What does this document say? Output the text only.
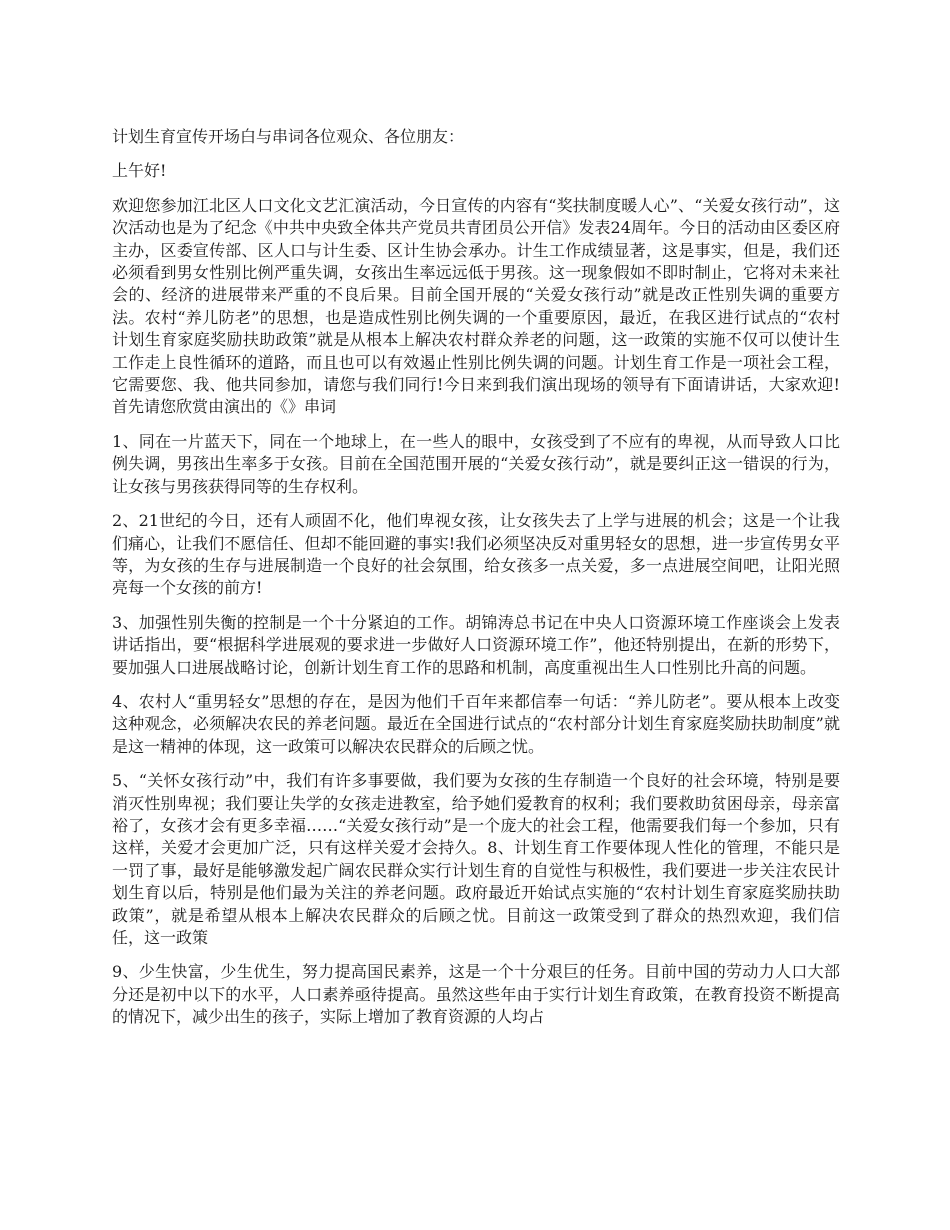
计划生育宣传开场白与串词各位观众、各位朋友：

上午好!

欢迎您参加江北区人口文化文艺汇演活动，今日宣传的内容有“奖扶制度暖人心”、“关爱女孩行动”，这次活动也是为了纪念《中共中央致全体共产党员共青团员公开信》发表24周年。今日的活动由区委区府主办，区委宣传部、区人口与计生委、区计生协会承办。计生工作成绩显著，这是事实，但是，我们还必须看到男女性别比例严重失调，女孩出生率远远低于男孩。这一现象假如不即时制止，它将对未来社会的、经济的进展带来严重的不良后果。目前全国开展的“关爱女孩行动”就是改正性别失调的重要方法。农村“养儿防老”的思想，也是造成性别比例失调的一个重要原因，最近，在我区进行试点的“农村计划生育家庭奖励扶助政策”就是从根本上解决农村群众养老的问题，这一政策的实施不仅可以使计生工作走上良性循环的道路，而且也可以有效遏止性别比例失调的问题。计划生育工作是一项社会工程，它需要您、我、他共同参加，请您与我们同行!今日来到我们演出现场的领导有下面请讲话，大家欢迎!首先请您欣赏由演出的《》串词

1、同在一片蓝天下，同在一个地球上，在一些人的眼中，女孩受到了不应有的卑视，从而导致人口比例失调，男孩出生率多于女孩。目前在全国范围开展的“关爱女孩行动”，就是要纠正这一错误的行为，让女孩与男孩获得同等的生存权利。

2、21世纪的今日，还有人顽固不化，他们卑视女孩，让女孩失去了上学与进展的机会；这是一个让我们痛心，让我们不愿信任、但却不能回避的事实!我们必须坚决反对重男轻女的思想，进一步宣传男女平等，为女孩的生存与进展制造一个良好的社会氛围，给女孩多一点关爱，多一点进展空间吧，让阳光照亮每一个女孩的前方!

3、加强性别失衡的控制是一个十分紧迫的工作。胡锦涛总书记在中央人口资源环境工作座谈会上发表讲话指出，要“根据科学进展观的要求进一步做好人口资源环境工作”，他还特别提出，在新的形势下，要加强人口进展战略讨论，创新计划生育工作的思路和机制，高度重视出生人口性别比升高的问题。

4、农村人“重男轻女”思想的存在，是因为他们千百年来都信奉一句话：“养儿防老”。要从根本上改变这种观念，必须解决农民的养老问题。最近在全国进行试点的“农村部分计划生育家庭奖励扶助制度”就是这一精神的体现，这一政策可以解决农民群众的后顾之忧。

5、“关怀女孩行动”中，我们有许多事要做，我们要为女孩的生存制造一个良好的社会环境，特别是要消灭性别卑视；我们要让失学的女孩走进教室，给予她们爱教育的权利；我们要救助贫困母亲，母亲富裕了，女孩才会有更多幸福……“关爱女孩行动”是一个庞大的社会工程，他需要我们每一个参加，只有这样，关爱才会更加广泛，只有这样关爱才会持久。8、计划生育工作要体现人性化的管理，不能只是一罚了事，最好是能够激发起广阔农民群众实行计划生育的自觉性与积极性，我们要进一步关注农民计划生育以后，特别是他们最为关注的养老问题。政府最近开始试点实施的“农村计划生育家庭奖励扶助政策”，就是希望从根本上解决农民群众的后顾之忧。目前这一政策受到了群众的热烈欢迎，我们信任，这一政策

9、少生快富，少生优生，努力提高国民素养，这是一个十分艰巨的任务。目前中国的劳动力人口大部分还是初中以下的水平，人口素养亟待提高。虽然这些年由于实行计划生育政策，在教育投资不断提高的情况下，减少出生的孩子，实际上增加了教育资源的人均占
